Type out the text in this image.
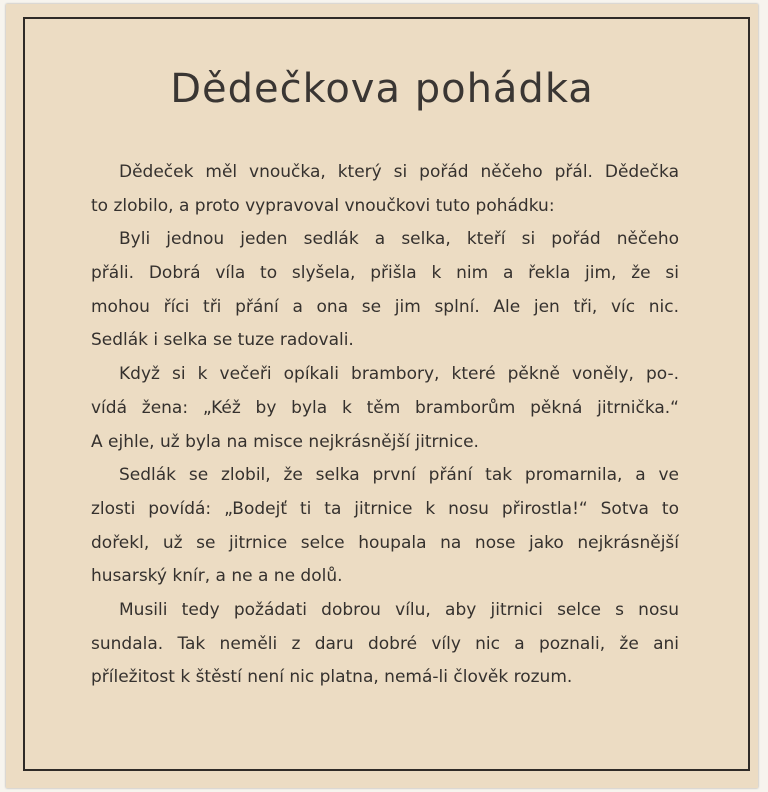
Dědečkova pohádka
Dědeček měl vnoučka, který si pořád něčeho přál. Dědečka
to zlobilo, a proto vypravoval vnoučkovi tuto pohádku:
Byli jednou jeden sedlák a selka, kteří si pořád něčeho
přáli. Dobrá víla to slyšela, přišla k nim a řekla jim, že si
mohou říci tři přání a ona se jim splní. Ale jen tři, víc nic.
Sedlák i selka se tuze radovali.
Když si k večeři opíkali brambory, které pěkně voněly, po-.
vídá žena: „Kéž by byla k těm bramborům pěkná jitrnička.“
A ejhle, už byla na misce nejkrásnější jitrnice.
Sedlák se zlobil, že selka první přání tak promarnila, a ve
zlosti povídá: „Bodejť ti ta jitrnice k nosu přirostla!“ Sotva to
dořekl, už se jitrnice selce houpala na nose jako nejkrásnější
husarský knír, a ne a ne dolů.
Musili tedy požádati dobrou vílu, aby jitrnici selce s nosu
sundala. Tak neměli z daru dobré víly nic a poznali, že ani
příležitost k štěstí není nic platna, nemá-li člověk rozum.
